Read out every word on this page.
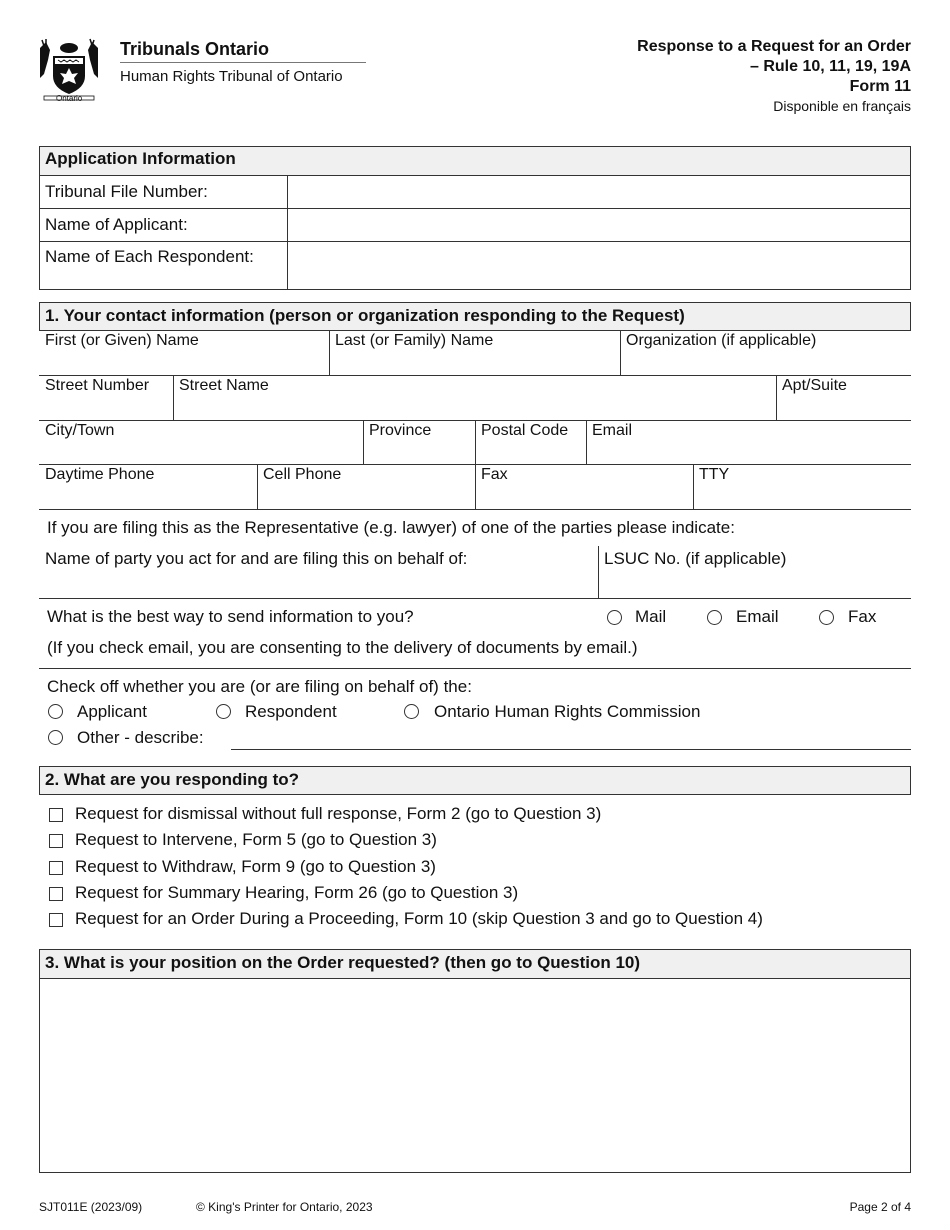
Ontario
Tribunals Ontario
Human Rights Tribunal of Ontario
Response to a Request for an Order
– Rule 10, 11, 19, 19A
Form 11
Disponible en français
Application Information
Tribunal File Number:
Name of Applicant:
Name of Each Respondent:
1. Your contact information (person or organization responding to the Request)
First (or Given) Name	Last (or Family) Name	Organization (if applicable)
Street Number Street Name	Apt/Suite
City/Town	Province	Postal Code Email
Daytime Phone	Cell Phone	Fax	TTY
If you are filing this as the Representative (e.g. lawyer) of one of the parties please indicate:
Name of party you act for and are filing this on behalf of:	LSUC No. (if applicable)
What is the best way to send information to you?	Mail	Email	Fax
(If you check email, you are consenting to the delivery of documents by email.)
Check off whether you are (or are filing on behalf of) the:
Applicant	Respondent	Ontario Human Rights Commission
Other - describe:
2. What are you responding to?
Request for dismissal without full response, Form 2 (go to Question 3)
Request to Intervene, Form 5 (go to Question 3)
Request to Withdraw, Form 9 (go to Question 3)
Request for Summary Hearing, Form 26 (go to Question 3)
Request for an Order During a Proceeding, Form 10 (skip Question 3 and go to Question 4)
3. What is your position on the Order requested? (then go to Question 10)
SJT011E (2023/09)	© King's Printer for Ontario, 2023	Page 2 of 4
